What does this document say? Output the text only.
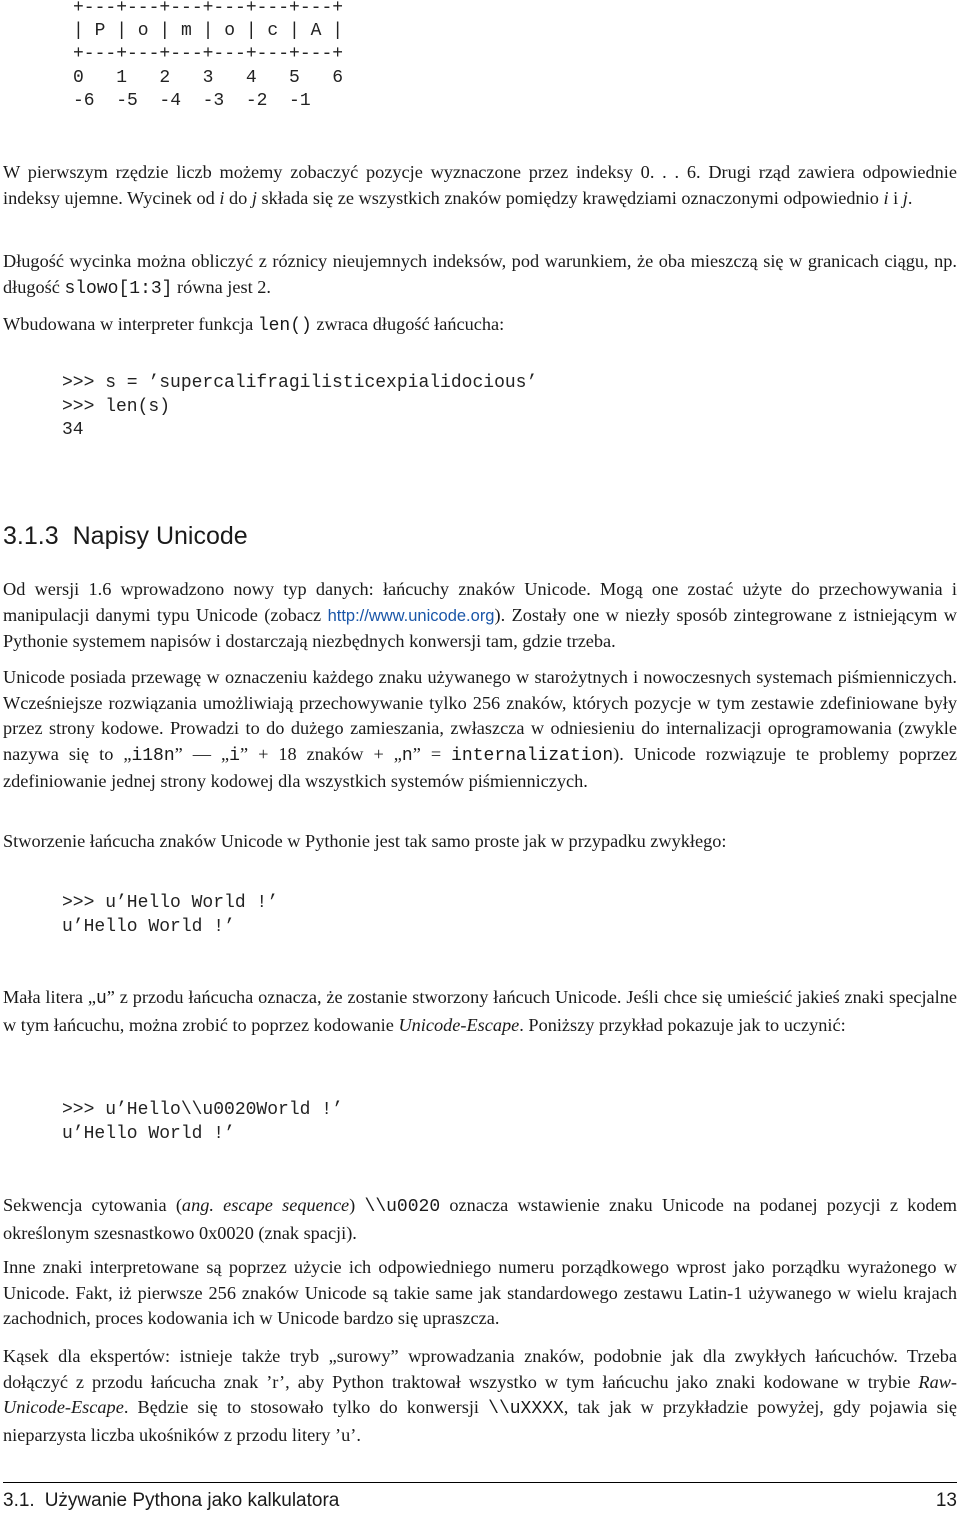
+---+---+---+---+---+---+
| P | o | m | o | c | A |
+---+---+---+---+---+---+
0   1   2   3   4   5   6
-6  -5  -4  -3  -2  -1
W pierwszym rzędzie liczb możemy zobaczyć pozycje wyznaczone przez indeksy 0. . . 6. Drugi rząd zawiera odpowiednie indeksy ujemne. Wycinek od i do j składa się ze wszystkich znaków pomiędzy krawędziami oznaczonymi odpowiednio i i j.
Długość wycinka można obliczyć z róznicy nieujemnych indeksów, pod warunkiem, że oba mieszczą się w granicach ciągu, np. długość slowo[1:3] równa jest 2.
Wbudowana w interpreter funkcja len() zwraca długość łańcucha:
>>> s = ’supercalifragilisticexpialidocious’
>>> len(s)
34
3.1.3 Napisy Unicode
Od wersji 1.6 wprowadzono nowy typ danych: łańcuchy znaków Unicode. Mogą one zostać użyte do przechowywania i manipulacji danymi typu Unicode (zobacz http://www.unicode.org). Zostały one w niezły sposób zintegrowane z istniejącym w Pythonie systemem napisów i dostarczają niezbędnych konwersji tam, gdzie trzeba.
Unicode posiada przewagę w oznaczeniu każdego znaku używanego w starożytnych i nowoczesnych systemach piśmienniczych. Wcześniejsze rozwiązania umożliwiają przechowywanie tylko 256 znaków, których pozycje w tym zestawie zdefiniowane były przez strony kodowe. Prowadzi to do dużego zamieszania, zwłaszcza w odniesieniu do internalizacji oprogramowania (zwykle nazywa się to „i18n” — „i” + 18 znaków + „n” = internalization). Unicode rozwiązuje te problemy poprzez zdefiniowanie jednej strony kodowej dla wszystkich systemów piśmienniczych.
Stworzenie łańcucha znaków Unicode w Pythonie jest tak samo proste jak w przypadku zwykłego:
>>> u’Hello World !’
u’Hello World !’
Mała litera „u” z przodu łańcucha oznacza, że zostanie stworzony łańcuch Unicode. Jeśli chce się umieścić jakieś znaki specjalne w tym łańcuchu, można zrobić to poprzez kodowanie Unicode-Escape. Poniższy przykład pokazuje jak to uczynić:
>>> u’Hello\\u0020World !’
u’Hello World !’
Sekwencja cytowania (ang. escape sequence) \\u0020 oznacza wstawienie znaku Unicode na podanej pozycji z kodem określonym szesnastkowo 0x0020 (znak spacji).
Inne znaki interpretowane są poprzez użycie ich odpowiedniego numeru porządkowego wprost jako porządku wyrażonego w Unicode. Fakt, iż pierwsze 256 znaków Unicode są takie same jak standardowego zestawu Latin-1 używanego w wielu krajach zachodnich, proces kodowania ich w Unicode bardzo się upraszcza.
Kąsek dla ekspertów: istnieje także tryb „surowy” wprowadzania znaków, podobnie jak dla zwykłych łańcuchów. Trzeba dołączyć z przodu łańcucha znak ’r’, aby Python traktował wszystko w tym łańcuchu jako znaki kodowane w trybie Raw-Unicode-Escape. Będzie się to stosowało tylko do konwersji \\uXXXX, tak jak w przykładzie powyżej, gdy pojawia się nieparzysta liczba ukośników z przodu litery ’u’.
3.1. Używanie Pythona jako kalkulatora	13
